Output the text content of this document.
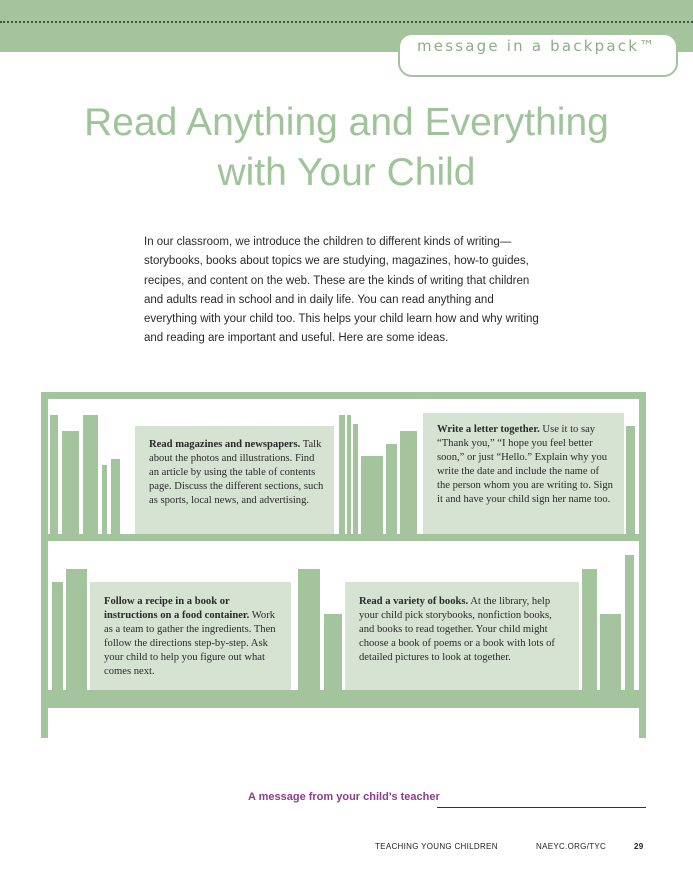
message in a backpack™
Read Anything and Everything
with Your Child
In our classroom, we introduce the children to different kinds of writing—storybooks, books about topics we are studying, magazines, how-to guides, recipes, and content on the web. These are the kinds of writing that children and adults read in school and in daily life. You can read anything and everything with your child too. This helps your child learn how and why writing and reading are important and useful. Here are some ideas.
Read magazines and newspapers. Talk about the photos and illustrations. Find an article by using the table of contents page. Discuss the different sections, such as sports, local news, and advertising.
Write a letter together. Use it to say “Thank you,” “I hope you feel better soon,” or just “Hello.” Explain why you write the date and include the name of the person whom you are writing to. Sign it and have your child sign her name too.
Follow a recipe in a book or instructions on a food container. Work as a team to gather the ingredients. Then follow the directions step-by-step. Ask your child to help you figure out what comes next.
Read a variety of books. At the library, help your child pick storybooks, nonfiction books, and books to read together. Your child might choose a book of poems or a book with lots of detailed pictures to look at together.
A message from your child’s teacher
TEACHING YOUNG CHILDREN	NAEYC.ORG/TYC	29
